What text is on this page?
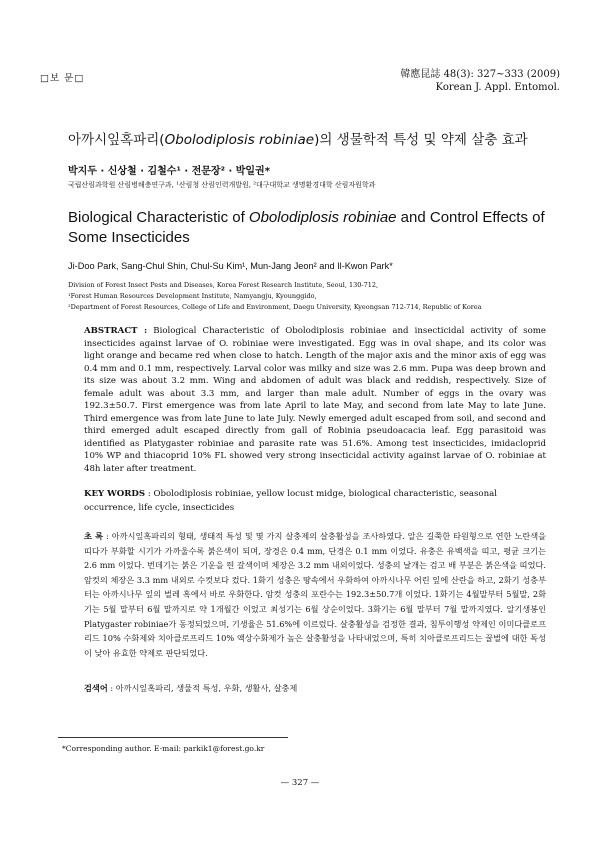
□보 문□	韓應昆誌 48(3): 327~333 (2009)
Korean J. Appl. Entomol.
아까시잎혹파리(Obolodiplosis robiniae)의 생물학적 특성 및 약제 살충 효과
박지두 · 신상철 · 김철수¹ · 전문장² · 박일권*
국립산림과학원 산림병해충연구과, ¹산림청 산림인력개발원, ²대구대학교 생명환경대학 산림자원학과
Biological Characteristic of Obolodiplosis robiniae and Control Effects of Some Insecticides
Ji-Doo Park, Sang-Chul Shin, Chul-Su Kim¹, Mun-Jang Jeon² and Il-Kwon Park*
Division of Forest Insect Pests and Diseases, Korea Forest Research Institute, Seoul, 130-712,
¹Forest Human Resources Development Institute, Namyangju, Kyounggido,
²Department of Forest Resources, College of Life and Environment, Daegu University, Kyeongsan 712-714, Republic of Korea
ABSTRACT : Biological Characteristic of Obolodiplosis robiniae and insecticidal activity of some insecticides against larvae of O. robiniae were investigated. Egg was in oval shape, and its color was light orange and became red when close to hatch. Length of the major axis and the minor axis of egg was 0.4 mm and 0.1 mm, respectively. Larval color was milky and size was 2.6 mm. Pupa was deep brown and its size was about 3.2 mm. Wing and abdomen of adult was black and reddish, respectively. Size of female adult was about 3.3 mm, and larger than male adult. Number of eggs in the ovary was 192.3±50.7. First emergence was from late April to late May, and second from late May to late June. Third emergence was from late June to late July. Newly emerged adult escaped from soil, and second and third emerged adult escaped directly from gall of Robinia pseudoacacia leaf. Egg parasitoid was identified as Platygaster robiniae and parasite rate was 51.6%. Among test insecticides, imidacloprid 10% WP and thiacoprid 10% FL showed very strong insecticidal activity against larvae of O. robiniae at 48h later after treatment.
KEY WORDS : Obolodiplosis robiniae, yellow locust midge, biological characteristic, seasonal occurrence, life cycle, insecticides
초 록 : 아까시잎혹파리의 형태, 생태적 특성 및 몇 가지 살충제의 살충활성을 조사하였다. 알은 길쭉한 타원형으로 연한 노란색을 띠다가 부화할 시기가 가까울수록 붉은색이 되며, 장경은 0.4 mm, 단경은 0.1 mm 이었다. 유충은 유백색을 띠고, 평균 크기는 2.6 mm 이었다. 번데기는 붉은 기운을 띈 갈색이며 체장은 3.2 mm 내외이었다. 성충의 날개는 검고 배 부분은 붉은색을 띠었다. 암컷의 체장은 3.3 mm 내외로 수컷보다 컸다. 1화기 성충은 땅속에서 우화하여 아까시나무 어린 잎에 산란을 하고, 2화기 성충부터는 아까시나무 잎의 벌레 혹에서 바로 우화한다. 암컷 성충의 포란수는 192.3±50.7개 이었다. 1화기는 4월말부터 5월말, 2화기는 5월 말부터 6월 말까지로 약 1개월간 이었고 최성기는 6월 상순이었다. 3화기는 6월 말부터 7월 말까지였다. 알기생봉인 Platygaster robiniae가 동정되었으며, 기생율은 51.6%에 이르렀다. 살충활성을 검정한 결과, 침투이행성 약제인 이미다클로프리드 10% 수화제와 치아클로프리드 10% 액상수화제가 높은 살충활성을 나타내었으며, 특히 치아클로프리드는 꿀벌에 대한 독성이 낮아 유효한 약제로 판단되었다.
검색어 : 아까시잎혹파리, 생물적 특성, 우화, 생활사, 살충제
*Corresponding author. E-mail: parkik1@forest.go.kr
— 327 —
